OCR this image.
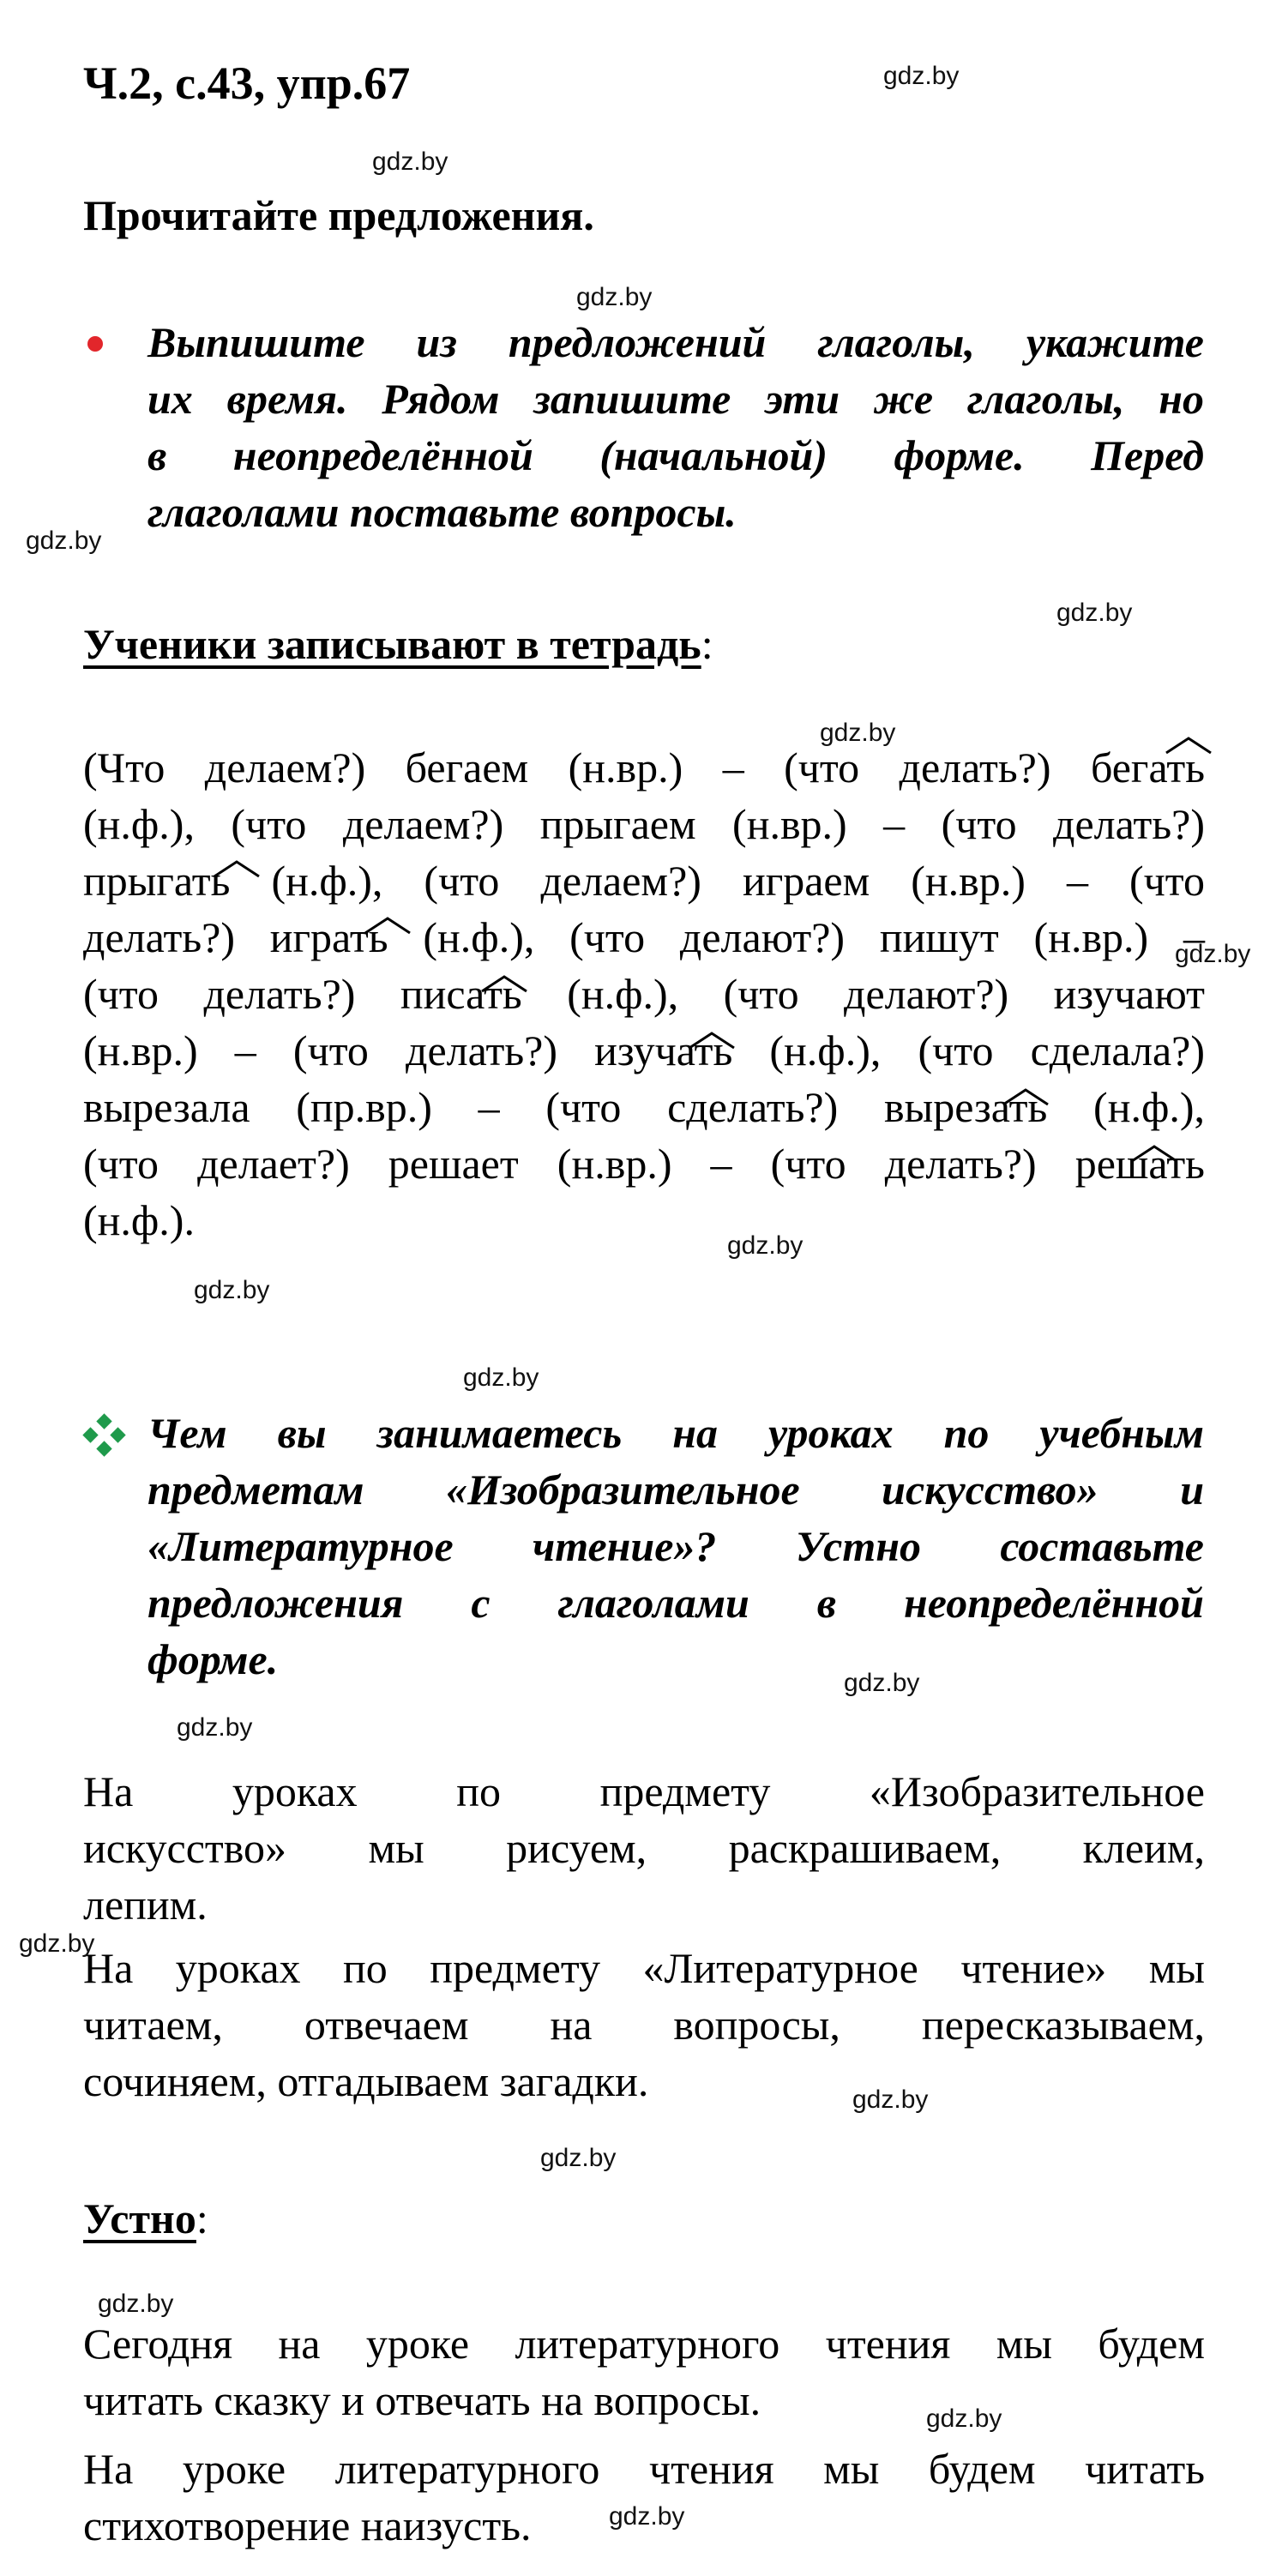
Ч.2, с.43, упр.67
Прочитайте предложения.
Выпишите из предложений глаголы, укажите
их время. Рядом запишите эти же глаголы, но
в неопределённой (начальной) форме. Перед
глаголами поставьте вопросы.
Ученики записывают в тетрадь:
(Что делаем?) бегаем (н.вр.) – (что делать?) бегать
(н.ф.), (что делаем?) прыгаем (н.вр.) – (что делать?)
прыгать (н.ф.), (что делаем?) играем (н.вр.) – (что
делать?) играть (н.ф.), (что делают?) пишут (н.вр.) –
(что делать?) писать (н.ф.), (что делают?) изучают
(н.вр.) – (что делать?) изучать (н.ф.), (что сделала?)
вырезала (пр.вр.) – (что сделать?) вырезать (н.ф.),
(что делает?) решает (н.вр.) – (что делать?) решать
(н.ф.).
Чем вы занимаетесь на уроках по учебным
предметам «Изобразительное искусство» и
«Литературное чтение»? Устно составьте
предложения с глаголами в неопределённой
форме.
На уроках по предмету «Изобразительное
искусство» мы рисуем, раскрашиваем, клеим,
лепим.
На уроках по предмету «Литературное чтение» мы
читаем, отвечаем на вопросы, пересказываем,
сочиняем, отгадываем загадки.
Устно:
Сегодня на уроке литературного чтения мы будем
читать сказку и отвечать на вопросы.
На уроке литературного чтения мы будем читать
стихотворение наизусть.
gdz.by
gdz.by
gdz.by
gdz.by
gdz.by
gdz.by
gdz.by
gdz.by
gdz.by
gdz.by
gdz.by
gdz.by
gdz.by
gdz.by
gdz.by
gdz.by
gdz.by
gdz.by
